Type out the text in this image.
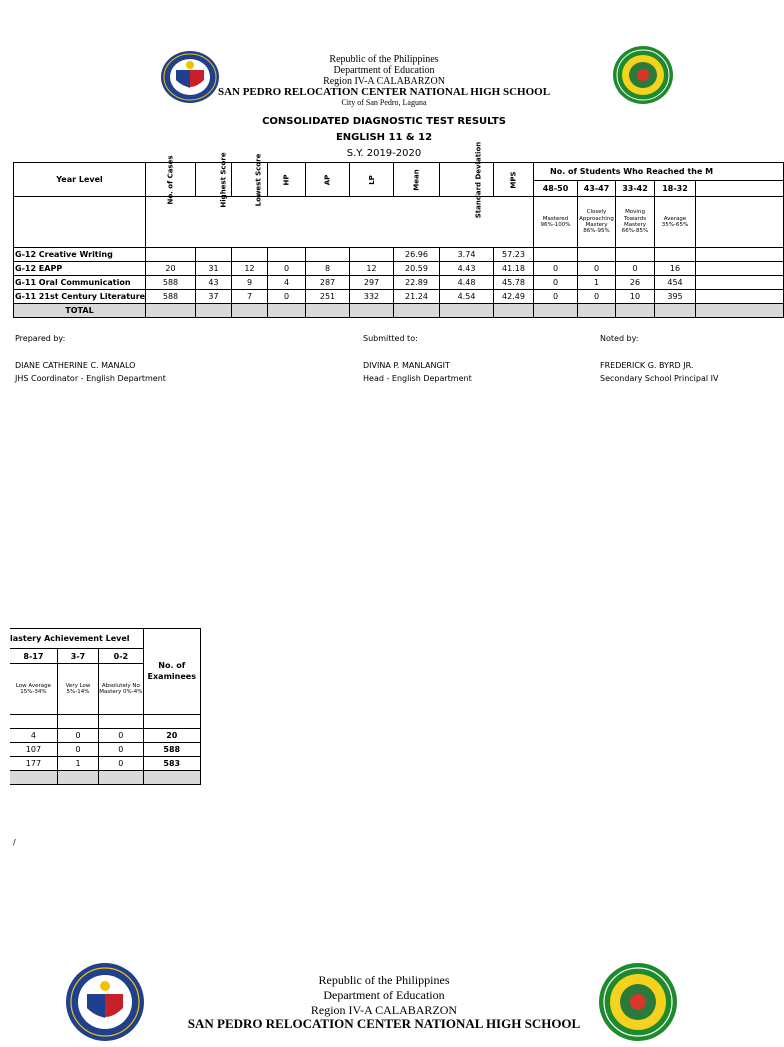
Republic of the Philippines
Department of Education
Region IV-A CALABARZON
SAN PEDRO RELOCATION CENTER NATIONAL HIGH SCHOOL
City of San Pedro, Laguna
CONSOLIDATED DIAGNOSTIC TEST RESULTS
ENGLISH 11 & 12
S.Y. 2019-2020
Year Level	No. of Cases	Highest Score	Lowest Score	HP	AP	LP	Mean	Standard Deviation	MPS	No. of Students Who Reached the M				
										48-50	43-47	33-42	18-32	
										Mastered 96%-100%	Closely Approaching Mastery 86%-95%	Moving Towards Mastery 66%-85%	Average 35%-65%	
G-12 Creative Writing							26.96	3.74	57.23					
G-12 EAPP	20	31	12	0	8	12	20.59	4.43	41.18	0	0	0	16	
G-11 Oral Communication	588	43	9	4	287	297	22.89	4.48	45.78	0	1	26	454	
G-11 21st Century Literature	588	37	7	0	251	332	21.24	4.54	42.49	0	0	10	395	
TOTAL														
Prepared by:
DIANE CATHERINE C. MANALO
JHS Coordinator - English Department
Submitted to:
DIVINA P. MANLANGIT
Head - English Department
Noted by:
FREDERICK G. BYRD JR.
Secondary School Principal IV
lastery Achievement Level			No. of Examinees
8-17	3-7	0-2	
Low Average 15%-34%	Very Low 5%-14%	Absolutely No Mastery 0%-4%	

4	0	0	20
107	0	0	588
177	1	0	583

/
Republic of the Philippines
Department of Education
Region IV-A CALABARZON
SAN PEDRO RELOCATION CENTER NATIONAL HIGH SCHOOL
